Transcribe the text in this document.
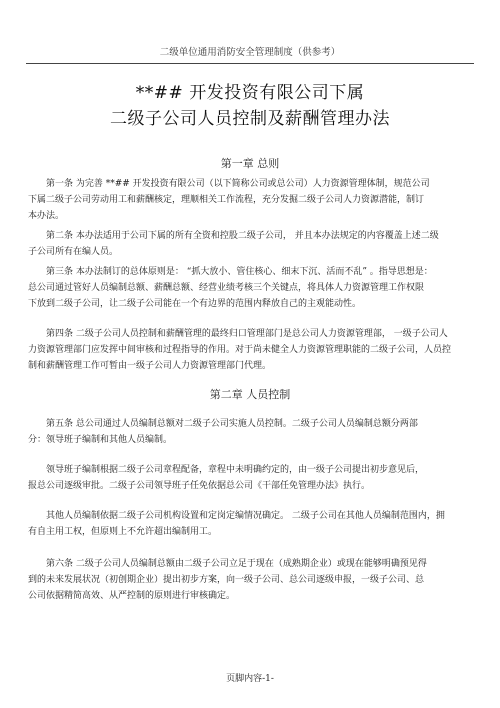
二级单位通用消防安全管理制度（供参考）
**## 开发投资有限公司下属
二级子公司人员控制及薪酬管理办法
第一章 总则
第一条 为完善 **## 开发投资有限公司（以下简称公司或总公司）人力资源管理体制，规范公司
下属二级子公司劳动用工和薪酬核定，理顺相关工作流程，充分发掘二级子公司人力资源潜能，制订
本办法。
第二条 本办法适用于公司下属的所有全资和控股二级子公司， 并且本办法规定的内容覆盖上述二级
子公司所有在编人员。
第三条 本办法制订的总体原则是： “抓大放小、管住核心、细末下沉、活而不乱” 。指导思想是：
总公司通过管好人员编制总额、薪酬总额、经营业绩考核三个关键点，将具体人力资源管理工作权限
下放到二级子公司，让二级子公司能在一个有边界的范围内释放自己的主观能动性。
第四条 二级子公司人员控制和薪酬管理的最终归口管理部门是总公司人力资源管理部， 一级子公司人
力资源管理部门应发挥中间审核和过程指导的作用。对于尚未健全人力资源管理职能的二级子公司，人员控
制和薪酬管理工作可暂由一级子公司人力资源管理部门代理。
第二章 人员控制
第五条 总公司通过人员编制总额对二级子公司实施人员控制。二级子公司人员编制总额分两部
分：领导班子编制和其他人员编制。
领导班子编制根据二级子公司章程配备，章程中未明确约定的，由一级子公司提出初步意见后，
报总公司逐级审批。二级子公司领导班子任免依据总公司《干部任免管理办法》执行。
其他人员编制依据二级子公司机构设置和定岗定编情况确定。 二级子公司在其他人员编制范围内，拥
有自主用工权，但原则上不允许超出编制用工。
第六条 二级子公司人员编制总额由二级子公司立足于现在（成熟期企业）或现在能够明确预见得
到的未来发展状况（初创期企业）提出初步方案，向一级子公司、总公司逐级申报，一级子公司、总
公司依据精简高效、从严控制的原则进行审核确定。
页脚内容-1-
